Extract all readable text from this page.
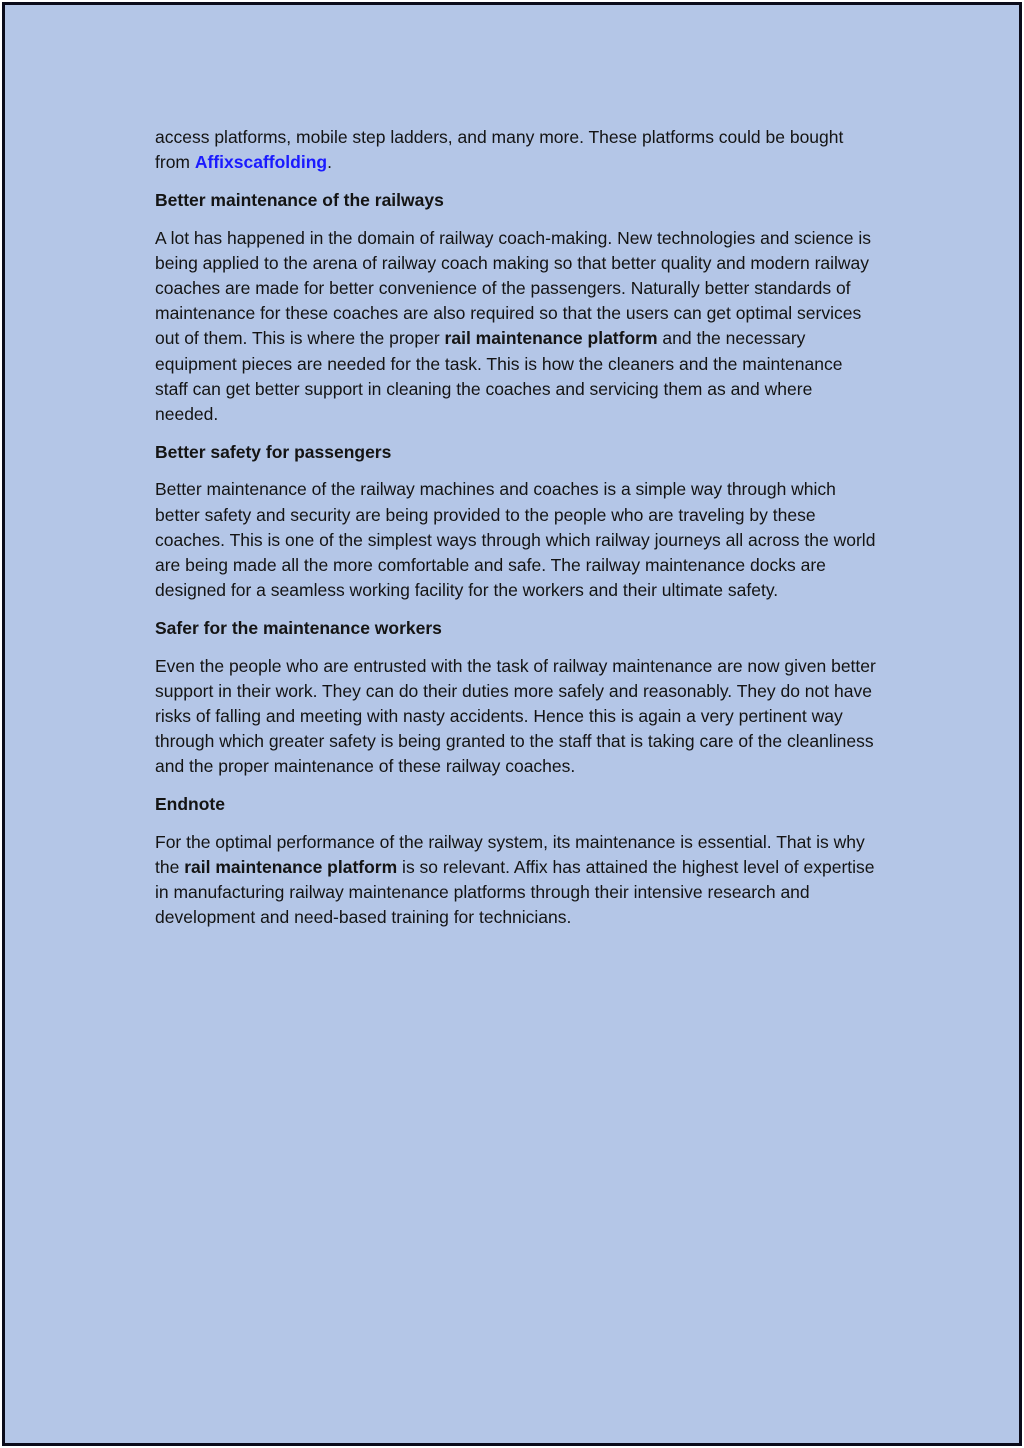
access platforms, mobile step ladders, and many more. These platforms could be bought from Affixscaffolding.

Better maintenance of the railways

A lot has happened in the domain of railway coach-making. New technologies and science is being applied to the arena of railway coach making so that better quality and modern railway coaches are made for better convenience of the passengers. Naturally better standards of maintenance for these coaches are also required so that the users can get optimal services out of them. This is where the proper rail maintenance platform and the necessary equipment pieces are needed for the task. This is how the cleaners and the maintenance staff can get better support in cleaning the coaches and servicing them as and where needed.

Better safety for passengers

Better maintenance of the railway machines and coaches is a simple way through which better safety and security are being provided to the people who are traveling by these coaches. This is one of the simplest ways through which railway journeys all across the world are being made all the more comfortable and safe. The railway maintenance docks are designed for a seamless working facility for the workers and their ultimate safety.

Safer for the maintenance workers

Even the people who are entrusted with the task of railway maintenance are now given better support in their work. They can do their duties more safely and reasonably. They do not have risks of falling and meeting with nasty accidents. Hence this is again a very pertinent way through which greater safety is being granted to the staff that is taking care of the cleanliness and the proper maintenance of these railway coaches.

Endnote

For the optimal performance of the railway system, its maintenance is essential. That is why the rail maintenance platform is so relevant. Affix has attained the highest level of expertise in manufacturing railway maintenance platforms through their intensive research and development and need-based training for technicians.
